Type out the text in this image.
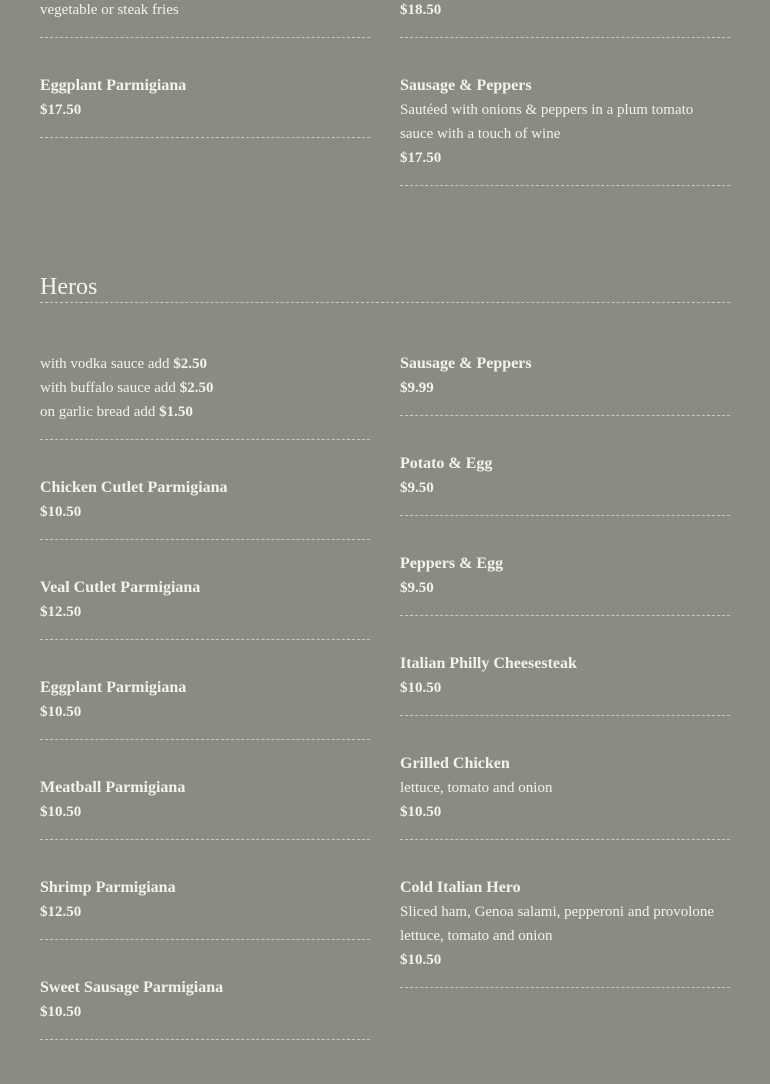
vegetable or steak fries
Eggplant Parmigiana
$17.50
$18.50
Sausage & Peppers
Sautéed with onions & peppers in a plum tomato
sauce with a touch of wine
$17.50
Heros
with vodka sauce add $2.50
with buffalo sauce add $2.50
on garlic bread add $1.50
Chicken Cutlet Parmigiana
$10.50
Veal Cutlet Parmigiana
$12.50
Eggplant Parmigiana
$10.50
Meatball Parmigiana
$10.50
Shrimp Parmigiana
$12.50
Sweet Sausage Parmigiana
$10.50
Sausage & Peppers
$9.99
Potato & Egg
$9.50
Peppers & Egg
$9.50
Italian Philly Cheesesteak
$10.50
Grilled Chicken
lettuce, tomato and onion
$10.50
Cold Italian Hero
Sliced ham, Genoa salami, pepperoni and provolone
lettuce, tomato and onion
$10.50
